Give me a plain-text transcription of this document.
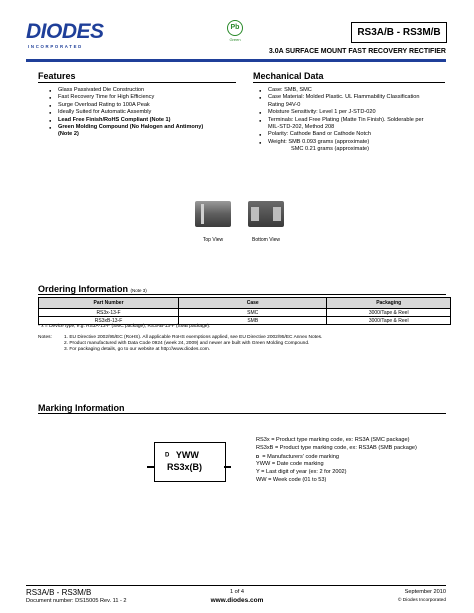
DIODES
INCORPORATED
Pb
Green
RS3A/B - RS3M/B
3.0A SURFACE MOUNT FAST RECOVERY RECTIFIER
Features
● Glass Passivated Die Construction
● Fast Recovery Time for High Efficiency
● Surge Overload Rating to 100A Peak
● Ideally Suited for Automatic Assembly
● Lead Free Finish/RoHS Compliant (Note 1)
● Green Molding Compound (No Halogen and Antimony)
(Note 2)
Mechanical Data
● Case: SMB, SMC
● Case Material: Molded Plastic. UL Flammability Classification
Rating 94V-0
● Moisture Sensitivity: Level 1 per J-STD-020
● Terminals: Lead Free Plating (Matte Tin Finish). Solderable per
MIL-STD-202, Method 208
● Polarity: Cathode Band or Cathode Notch
● Weight: SMB 0.093 grams (approximate)
SMC 0.21 grams (approximate)
Top View	Bottom View
Ordering Information (Note 3)
Part Number	Case	Packaging
RS3x-13-F	SMC	3000/Tape & Reel
RS3xB-13-F	SMB	3000/Tape & Reel
* x = Device type, e.g. RS3A-13-F (SMC package); RS3AB-13-F (SMB package).
Notes:	1. EU Directive 2002/95/EC (RoHS). All applicable RoHS exemptions applied, see EU Directive 2002/95/EC Annex Notes.
2. Product manufactured with Data Code 0924 (week 24, 2009) and newer are built with Green Molding Compound.
3. For packaging details, go to our website at http://www.diodes.com.
Marking Information
D YWW
RS3x(B)
RS3x = Product type marking code, ex: RS3A (SMC package)
RS3xB = Product type marking code, ex: RS3AB (SMB package)
D = Manufacturers' code marking
YWW = Date code marking
Y = Last digit of year (ex: 2 for 2002)
WW = Week code (01 to 53)
RS3A/B - RS3M/B
Document number: DS15005 Rev. 11 - 2
1 of 4
www.diodes.com
September 2010
© Diodes Incorporated
